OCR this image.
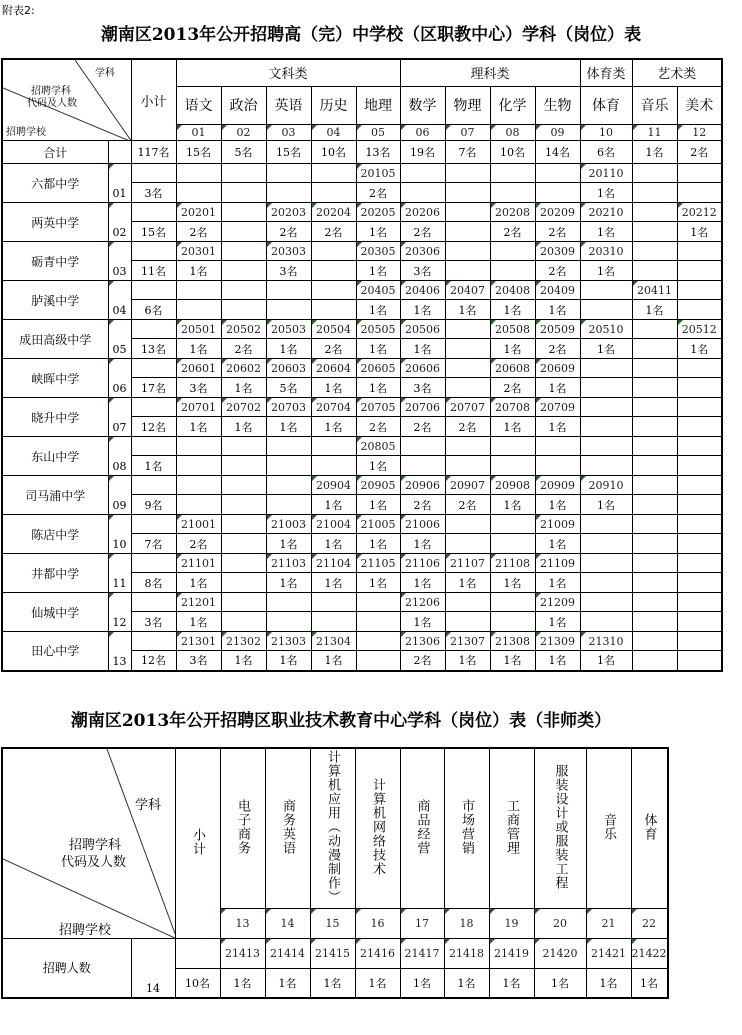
附表2:
潮南区2013年公开招聘高（完）中学校（区职教中心）学科（岗位）表
学科
招聘学科
代码及人数
招聘学校		小计	文科类					理科类				体育类	艺术类	
			语文	政治	英语	历史	地理	数学	物理	化学	生物	体育	音乐	美术
			01	02	03	04	05	06	07	08	09	10	11	12
合计		117名	15名	5名	15名	10名	13名	19名	7名	10名	14名	6名	1名	2名
六都中学	01						20105					20110		
		3名					2名					1名		
两英中学	02		20201		20203	20204	20205	20206		20208	20209	20210		20212
		15名	2名		2名	2名	1名	2名		2名	2名	1名		1名
砺青中学	03		20301		20303		20305	20306			20309	20310		
		11名	1名		3名		1名	3名			2名	1名		
胪溪中学	04						20405	20406	20407	20408	20409		20411	
		6名					1名	1名	1名	1名	1名		1名	
成田高级中学	05		20501	20502	20503	20504	20505	20506		20508	20509	20510		20512
		13名	1名	2名	1名	2名	1名	1名		1名	2名	1名		1名
峡晖中学	06		20601	20602	20603	20604	20605	20606		20608	20609			
		17名	3名	1名	5名	1名	1名	3名		2名	1名			
晓升中学	07		20701	20702	20703	20704	20705	20706	20707	20708	20709			
		12名	1名	1名	1名	1名	2名	2名	2名	1名	1名			
东山中学	08						20805							
		1名					1名							
司马浦中学	09					20904	20905	20906	20907	20908	20909	20910		
		9名				1名	1名	2名	2名	1名	1名	1名		
陈店中学	10		21001		21003	21004	21005	21006			21009			
		7名	2名		1名	1名	1名	1名			1名			
井都中学	11		21101		21103	21104	21105	21106	21107	21108	21109			
		8名	1名		1名	1名	1名	1名	1名	1名	1名			
仙城中学	12		21201					21206			21209			
		3名	1名					1名			1名			
田心中学	13		21301	21302	21303	21304		21306	21307	21308	21309	21310		
		12名	3名	1名	1名	1名		2名	1名	1名	1名	1名		
潮南区2013年公开招聘区职业技术教育中心学科（岗位）表（非师类）
学科
招聘学科
代码及人数
招聘学校		小计	电子商务	商务英语	计算机应用（动漫制作）	计算机网络技术	商品经营	市场营销	工商管理	服装设计或服装工程	音乐	体育
			13	14	15	16	17	18	19	20	21	22
招聘人数	14		21413	21414	21415	21416	21417	21418	21419	21420	21421	21422
		10名	1名	1名	1名	1名	1名	1名	1名	1名	1名	1名
